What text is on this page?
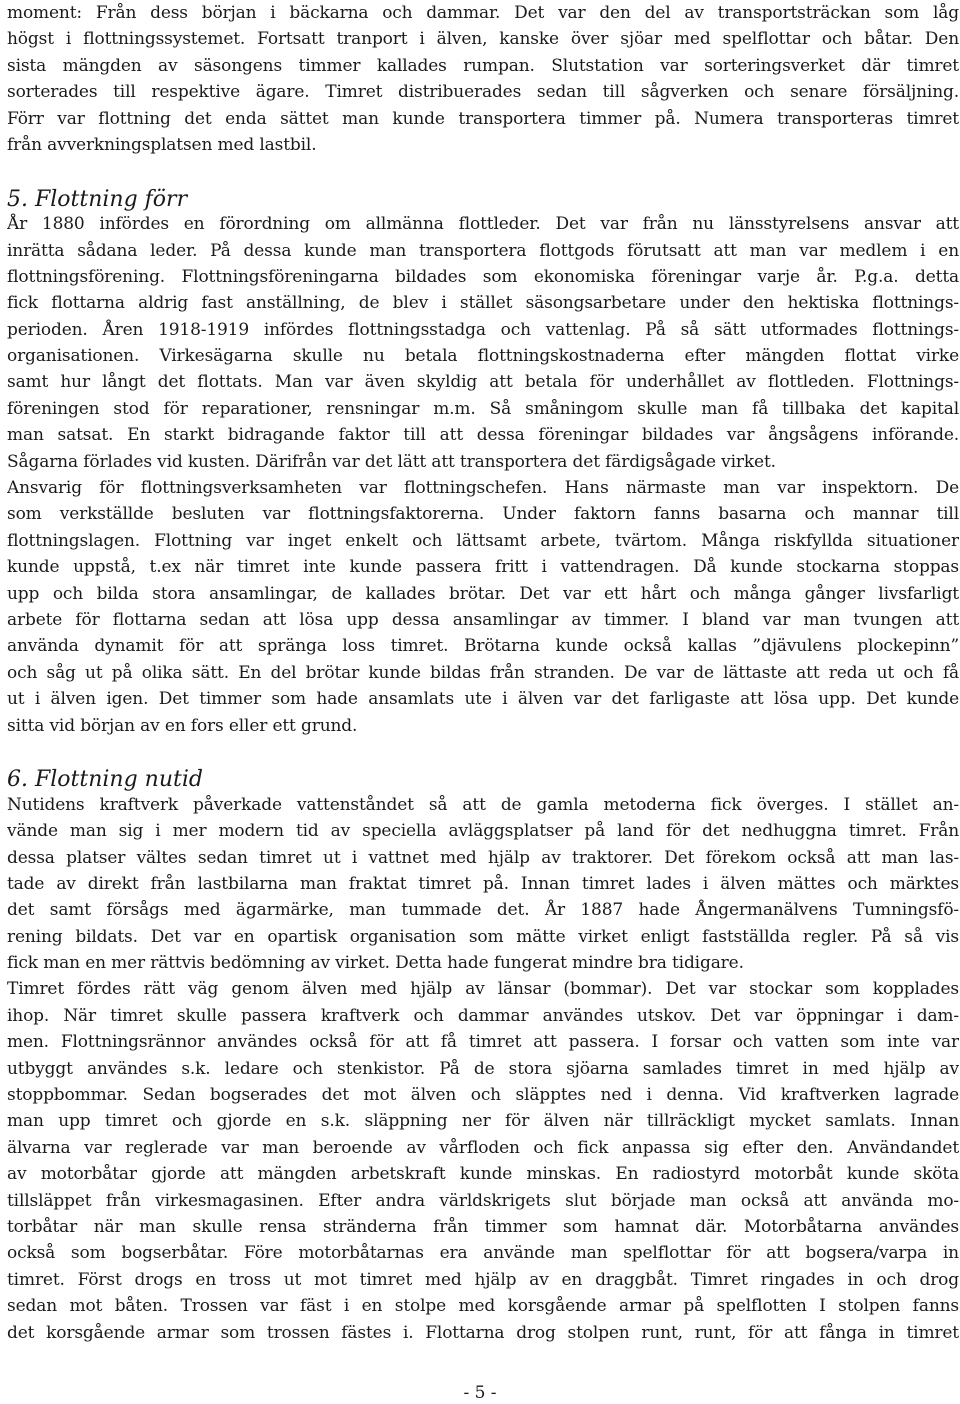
moment: Från dess början i bäckarna och dammar. Det var den del av transportsträckan som låg
högst i flottningssystemet. Fortsatt tranport i älven, kanske över sjöar med spelflottar och båtar. Den
sista mängden av säsongens timmer kallades rumpan. Slutstation var sorteringsverket där timret
sorterades till respektive ägare. Timret distribuerades sedan till sågverken och senare försäljning.
Förr var flottning det enda sättet man kunde transportera timmer på. Numera transporteras timret
från avverkningsplatsen med lastbil.
5. Flottning förr
År 1880 infördes en förordning om allmänna flottleder. Det var från nu länsstyrelsens ansvar att
inrätta sådana leder. På dessa kunde man transportera flottgods förutsatt att man var medlem i en
flottningsförening. Flottningsföreningarna bildades som ekonomiska föreningar varje år. P.g.a. detta
fick flottarna aldrig fast anställning, de blev i stället säsongsarbetare under den hektiska flottnings-
perioden. Åren 1918-1919 infördes flottningsstadga och vattenlag. På så sätt utformades flottnings-
organisationen. Virkesägarna skulle nu betala flottningskostnaderna efter mängden flottat virke
samt hur långt det flottats. Man var även skyldig att betala för underhållet av flottleden. Flottnings-
föreningen stod för reparationer, rensningar m.m. Så småningom skulle man få tillbaka det kapital
man satsat. En starkt bidragande faktor till att dessa föreningar bildades var ångsågens införande.
Sågarna förlades vid kusten. Därifrån var det lätt att transportera det färdigsågade virket.
Ansvarig för flottningsverksamheten var flottningschefen. Hans närmaste man var inspektorn. De
som verkställde besluten var flottningsfaktorerna. Under faktorn fanns basarna och mannar till
flottningslagen. Flottning var inget enkelt och lättsamt arbete, tvärtom. Många riskfyllda situationer
kunde uppstå, t.ex när timret inte kunde passera fritt i vattendragen. Då kunde stockarna stoppas
upp och bilda stora ansamlingar, de kallades brötar. Det var ett hårt och många gånger livsfarligt
arbete för flottarna sedan att lösa upp dessa ansamlingar av timmer. I bland var man tvungen att
använda dynamit för att spränga loss timret. Brötarna kunde också kallas ”djävulens plockepinn”
och såg ut på olika sätt. En del brötar kunde bildas från stranden. De var de lättaste att reda ut och få
ut i älven igen. Det timmer som hade ansamlats ute i älven var det farligaste att lösa upp. Det kunde
sitta vid början av en fors eller ett grund.
6. Flottning nutid
Nutidens kraftverk påverkade vattenståndet så att de gamla metoderna fick överges. I stället an-
vände man sig i mer modern tid av speciella avläggsplatser på land för det nedhuggna timret. Från
dessa platser vältes sedan timret ut i vattnet med hjälp av traktorer. Det förekom också att man las-
tade av direkt från lastbilarna man fraktat timret på. Innan timret lades i älven mättes och märktes
det samt försågs med ägarmärke, man tummade det. År 1887 hade Ångermanälvens Tumningsfö-
rening bildats. Det var en opartisk organisation som mätte virket enligt fastställda regler. På så vis
fick man en mer rättvis bedömning av virket. Detta hade fungerat mindre bra tidigare.
Timret fördes rätt väg genom älven med hjälp av länsar (bommar). Det var stockar som kopplades
ihop. När timret skulle passera kraftverk och dammar användes utskov. Det var öppningar i dam-
men. Flottningsrännor användes också för att få timret att passera. I forsar och vatten som inte var
utbyggt användes s.k. ledare och stenkistor. På de stora sjöarna samlades timret in med hjälp av
stoppbommar. Sedan bogserades det mot älven och släpptes ned i denna. Vid kraftverken lagrade
man upp timret och gjorde en s.k. släppning ner för älven när tillräckligt mycket samlats. Innan
älvarna var reglerade var man beroende av vårfloden och fick anpassa sig efter den. Användandet
av motorbåtar gjorde att mängden arbetskraft kunde minskas. En radiostyrd motorbåt kunde sköta
tillsläppet från virkesmagasinen. Efter andra världskrigets slut började man också att använda mo-
torbåtar när man skulle rensa stränderna från timmer som hamnat där. Motorbåtarna användes
också som bogserbåtar. Före motorbåtarnas era använde man spelflottar för att bogsera/varpa in
timret. Först drogs en tross ut mot timret med hjälp av en draggbåt. Timret ringades in och drog
sedan mot båten. Trossen var fäst i en stolpe med korsgående armar på spelflotten I stolpen fanns
det korsgående armar som trossen fästes i. Flottarna drog stolpen runt, runt, för att fånga in timret
- 5 -
